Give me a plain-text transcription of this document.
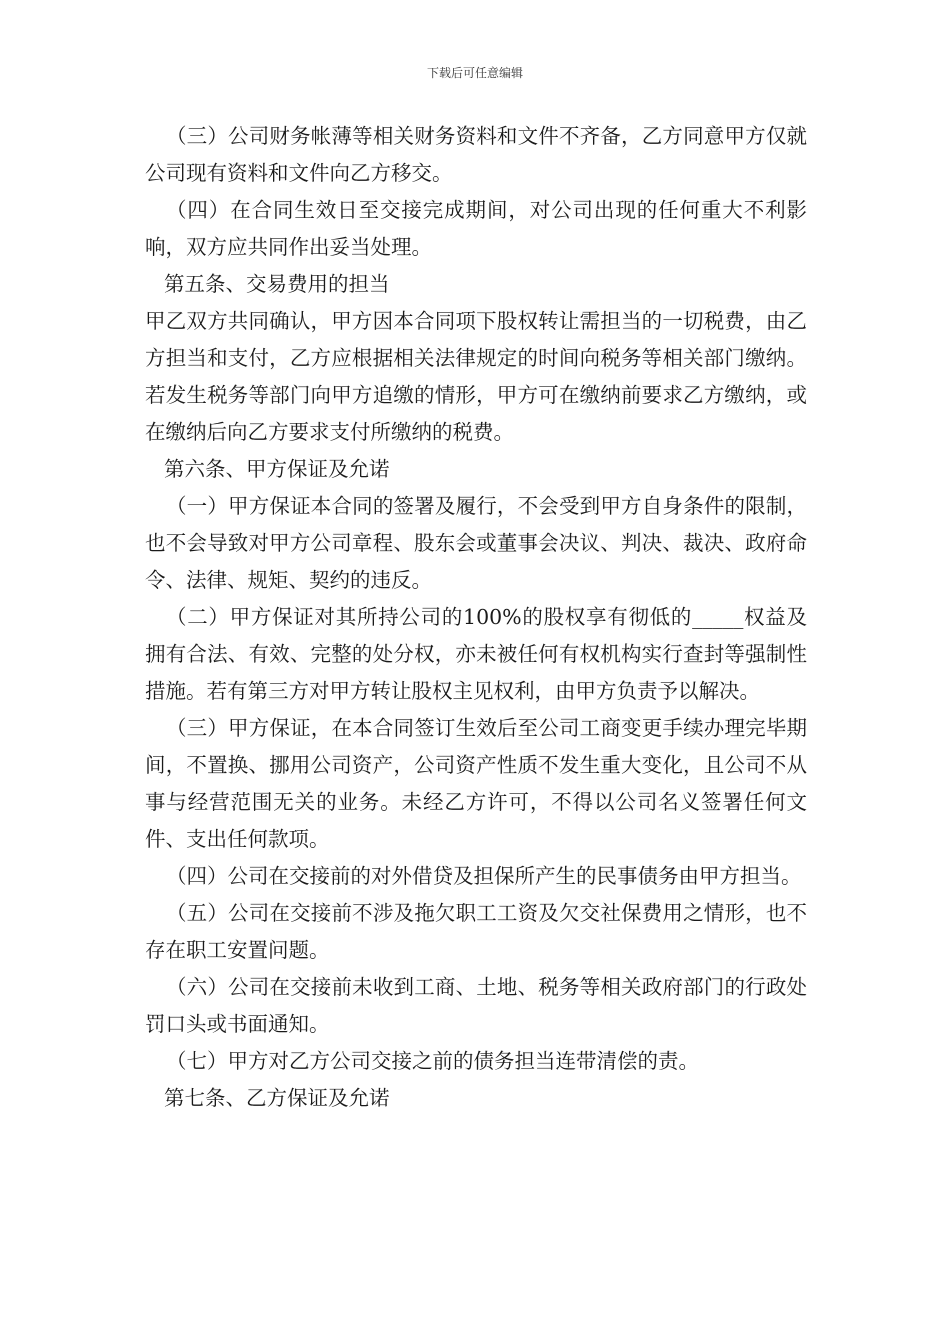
下载后可任意编辑

（三）公司财务帐薄等相关财务资料和文件不齐备，乙方同意甲方仅就公司现有资料和文件向乙方移交。

（四）在合同生效日至交接完成期间，对公司出现的任何重大不利影响，双方应共同作出妥当处理。

第五条、交易费用的担当

甲乙双方共同确认，甲方因本合同项下股权转让需担当的一切税费，由乙方担当和支付，乙方应根据相关法律规定的时间向税务等相关部门缴纳。若发生税务等部门向甲方追缴的情形，甲方可在缴纳前要求乙方缴纳，或在缴纳后向乙方要求支付所缴纳的税费。

第六条、甲方保证及允诺

（一）甲方保证本合同的签署及履行，不会受到甲方自身条件的限制，也不会导致对甲方公司章程、股东会或董事会决议、判决、裁决、政府命令、法律、规矩、契约的违反。

（二）甲方保证对其所持公司的100%的股权享有彻低的_____权益及拥有合法、有效、完整的处分权，亦未被任何有权机构实行查封等强制性措施。若有第三方对甲方转让股权主见权利，由甲方负责予以解决。

（三）甲方保证，在本合同签订生效后至公司工商变更手续办理完毕期间，不置换、挪用公司资产，公司资产性质不发生重大变化，且公司不从事与经营范围无关的业务。未经乙方许可，不得以公司名义签署任何文件、支出任何款项。

（四）公司在交接前的对外借贷及担保所产生的民事债务由甲方担当。

（五）公司在交接前不涉及拖欠职工工资及欠交社保费用之情形，也不存在职工安置问题。

（六）公司在交接前未收到工商、土地、税务等相关政府部门的行政处罚口头或书面通知。

（七）甲方对乙方公司交接之前的债务担当连带清偿的责。

第七条、乙方保证及允诺
